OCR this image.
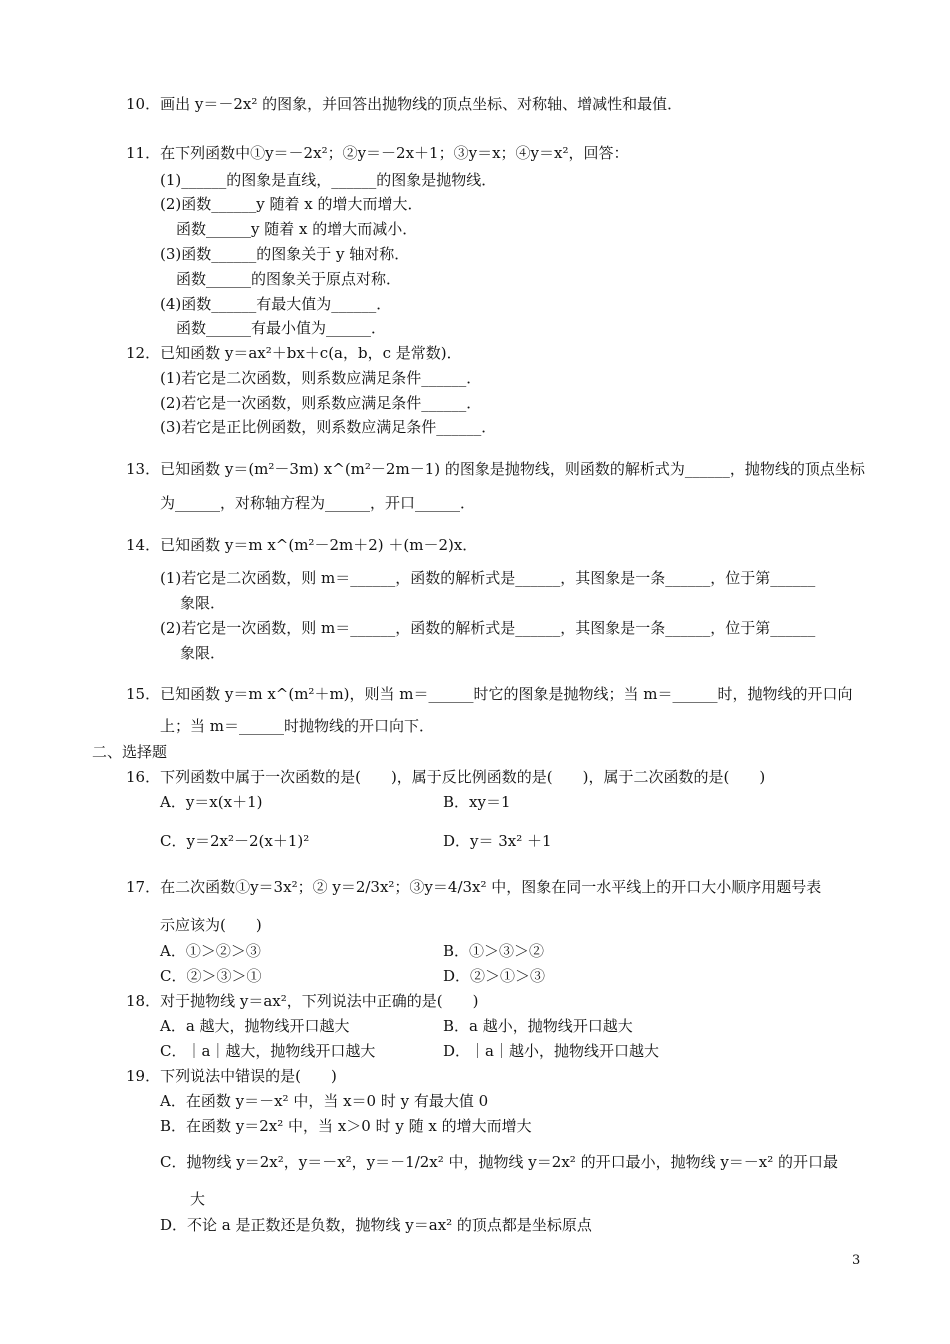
10．画出 y＝－2x² 的图象，并回答出抛物线的顶点坐标、对称轴、增减性和最值．
11．在下列函数中①y＝－2x²；②y＝－2x＋1；③y＝x；④y＝x²，回答：
(1)______的图象是直线，______的图象是抛物线．
(2)函数______y 随着 x 的增大而增大．
函数______y 随着 x 的增大而减小．
(3)函数______的图象关于 y 轴对称．
函数______的图象关于原点对称．
(4)函数______有最大值为______．
函数______有最小值为______．
12．已知函数 y＝ax²＋bx＋c(a，b，c 是常数)．
(1)若它是二次函数，则系数应满足条件______．
(2)若它是一次函数，则系数应满足条件______．
(3)若它是正比例函数，则系数应满足条件______．
13．已知函数 y＝(m²－3m) x^(m²－2m－1) 的图象是抛物线，则函数的解析式为______，抛物线的顶点坐标
为______，对称轴方程为______，开口______．
14．已知函数 y＝m x^(m²－2m＋2) ＋(m－2)x．
(1)若它是二次函数，则 m＝______，函数的解析式是______，其图象是一条______，位于第______
象限．
(2)若它是一次函数，则 m＝______，函数的解析式是______，其图象是一条______，位于第______
象限．
15．已知函数 y＝m x^(m²＋m)，则当 m＝______时它的图象是抛物线；当 m＝______时，抛物线的开口向
上；当 m＝______时抛物线的开口向下．
16．下列函数中属于一次函数的是(　　)，属于反比例函数的是(　　)，属于二次函数的是(　　)
A．y＝x(x＋1)	B．xy＝1
C．y＝2x²－2(x＋1)²	D．y＝ 3x² ＋1
17．在二次函数①y＝3x²；② y＝2/3x²；③y＝4/3x² 中，图象在同一水平线上的开口大小顺序用题号表
示应该为(　　)
A．①＞②＞③	B．①＞③＞②
C．②＞③＞①	D．②＞①＞③
18．对于抛物线 y＝ax²，下列说法中正确的是(　　)
A．a 越大，抛物线开口越大	B．a 越小，抛物线开口越大
C．｜a｜越大，抛物线开口越大	D．｜a｜越小，抛物线开口越大
19．下列说法中错误的是(　　)
A．在函数 y＝－x² 中，当 x＝0 时 y 有最大值 0
B．在函数 y＝2x² 中，当 x＞0 时 y 随 x 的增大而增大
C．抛物线 y＝2x²，y＝－x²，y＝－1/2x² 中，抛物线 y＝2x² 的开口最小，抛物线 y＝－x² 的开口最
大
D．不论 a 是正数还是负数，抛物线 y＝ax² 的顶点都是坐标原点
二、选择题
3
